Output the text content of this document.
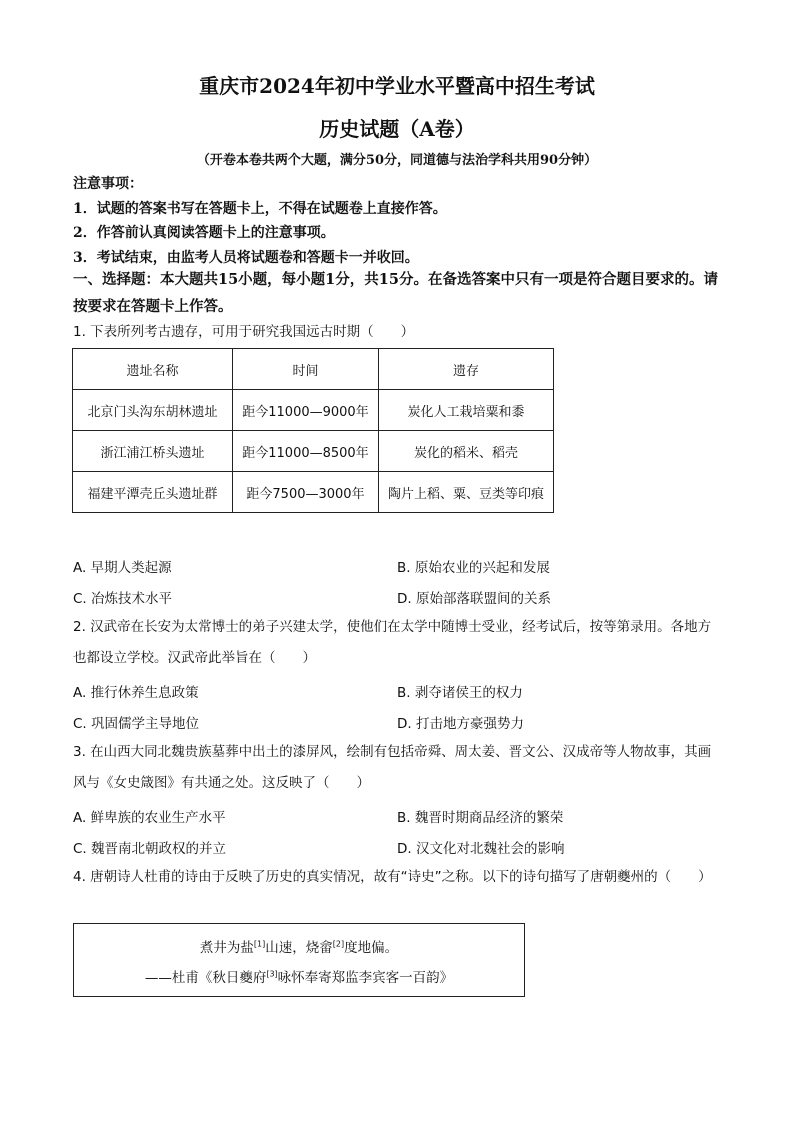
重庆市2024年初中学业水平暨高中招生考试
历史试题（A卷）
（开卷本卷共两个大题，满分50分，同道德与法治学科共用90分钟）
注意事项：
1．试题的答案书写在答题卡上，不得在试题卷上直接作答。
2．作答前认真阅读答题卡上的注意事项。
3．考试结束，由监考人员将试题卷和答题卡一并收回。
一、选择题：本大题共15小题，每小题1分，共15分。在备选答案中只有一项是符合题目要求的。请按要求在答题卡上作答。
1. 下表所列考古遗存，可用于研究我国远古时期（　　）
遗址名称	时间	遗存
北京门头沟东胡林遗址	距今11000—9000年	炭化人工栽培粟和黍
浙江浦江桥头遗址	距今11000—8500年	炭化的稻米、稻壳
福建平潭壳丘头遗址群	距今7500—3000年	陶片上稻、粟、豆类等印痕
A. 早期人类起源	B. 原始农业的兴起和发展
C. 冶炼技术水平	D. 原始部落联盟间的关系
2. 汉武帝在长安为太常博士的弟子兴建太学，使他们在太学中随博士受业，经考试后，按等第录用。各地方也都设立学校。汉武帝此举旨在（　　）
A. 推行休养生息政策	B. 剥夺诸侯王的权力
C. 巩固儒学主导地位	D. 打击地方豪强势力
3. 在山西大同北魏贵族墓葬中出土的漆屏风，绘制有包括帝舜、周太姜、晋文公、汉成帝等人物故事，其画风与《女史箴图》有共通之处。这反映了（　　）
A. 鲜卑族的农业生产水平	B. 魏晋时期商品经济的繁荣
C. 魏晋南北朝政权的并立	D. 汉文化对北魏社会的影响
4. 唐朝诗人杜甫的诗由于反映了历史的真实情况，故有“诗史”之称。以下的诗句描写了唐朝夔州的（　　）
煮井为盐[1]山速，烧畲[2]度地偏。
——杜甫《秋日夔府[3]咏怀奉寄郑监李宾客一百韵》
